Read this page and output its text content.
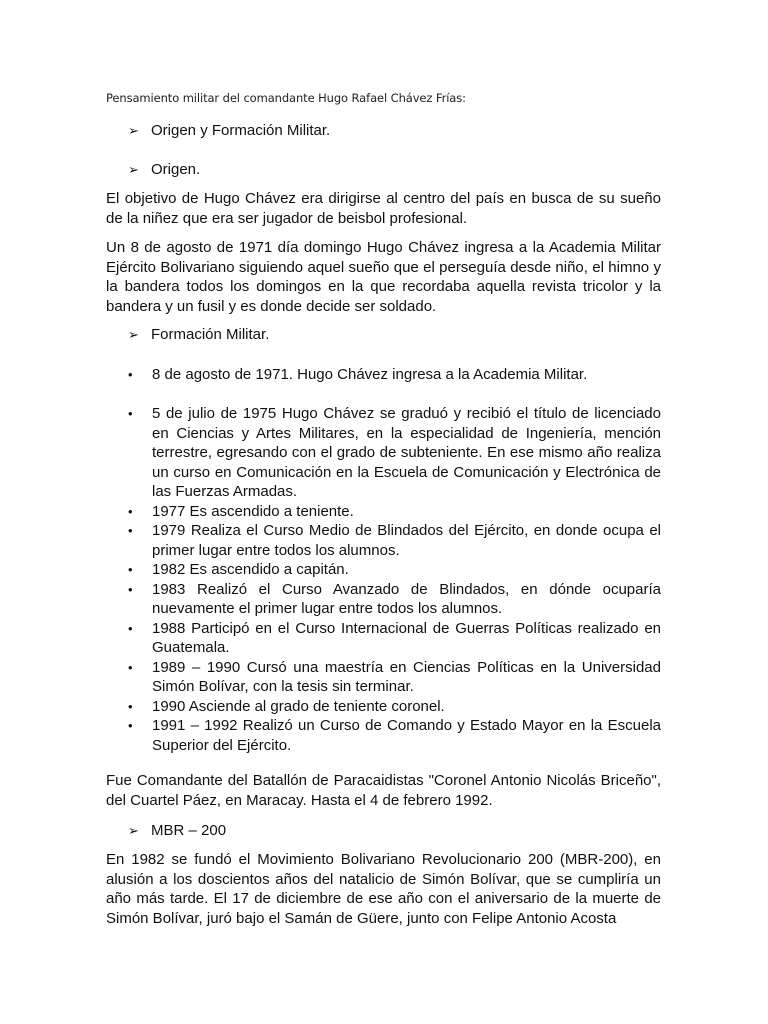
Pensamiento militar del comandante Hugo Rafael Chávez Frías:
➢ Origen y Formación Militar.
➢ Origen.
El objetivo de Hugo Chávez era dirigirse al centro del país en busca de su sueño de la niñez que era ser jugador de beisbol profesional.
Un 8 de agosto de 1971 día domingo Hugo Chávez ingresa a la Academia Militar Ejército Bolivariano siguiendo aquel sueño que el perseguía desde niño, el himno y la bandera todos los domingos en la que recordaba aquella revista tricolor y la bandera y un fusil y es donde decide ser soldado.
➢ Formación Militar.
• 8 de agosto de 1971. Hugo Chávez ingresa a la Academia Militar.
• 5 de julio de 1975 Hugo Chávez se graduó y recibió el título de licenciado en Ciencias y Artes Militares, en la especialidad de Ingeniería, mención terrestre, egresando con el grado de subteniente. En ese mismo año realiza un curso en Comunicación en la Escuela de Comunicación y Electrónica de las Fuerzas Armadas.
• 1977 Es ascendido a teniente.
• 1979 Realiza el Curso Medio de Blindados del Ejército, en donde ocupa el primer lugar entre todos los alumnos.
• 1982 Es ascendido a capitán.
• 1983 Realizó el Curso Avanzado de Blindados, en dónde ocuparía nuevamente el primer lugar entre todos los alumnos.
• 1988 Participó en el Curso Internacional de Guerras Políticas realizado en Guatemala.
• 1989 – 1990 Cursó una maestría en Ciencias Políticas en la Universidad Simón Bolívar, con la tesis sin terminar.
• 1990 Asciende al grado de teniente coronel.
• 1991 – 1992 Realizó un Curso de Comando y Estado Mayor en la Escuela Superior del Ejército.
Fue Comandante del Batallón de Paracaidistas "Coronel Antonio Nicolás Briceño", del Cuartel Páez, en Maracay. Hasta el 4 de febrero 1992.
➢ MBR – 200
En 1982 se fundó el Movimiento Bolivariano Revolucionario 200 (MBR-200), en alusión a los doscientos años del natalicio de Simón Bolívar, que se cumpliría un año más tarde. El 17 de diciembre de ese año con el aniversario de la muerte de Simón Bolívar, juró bajo el Samán de Güere, junto con Felipe Antonio Acosta
